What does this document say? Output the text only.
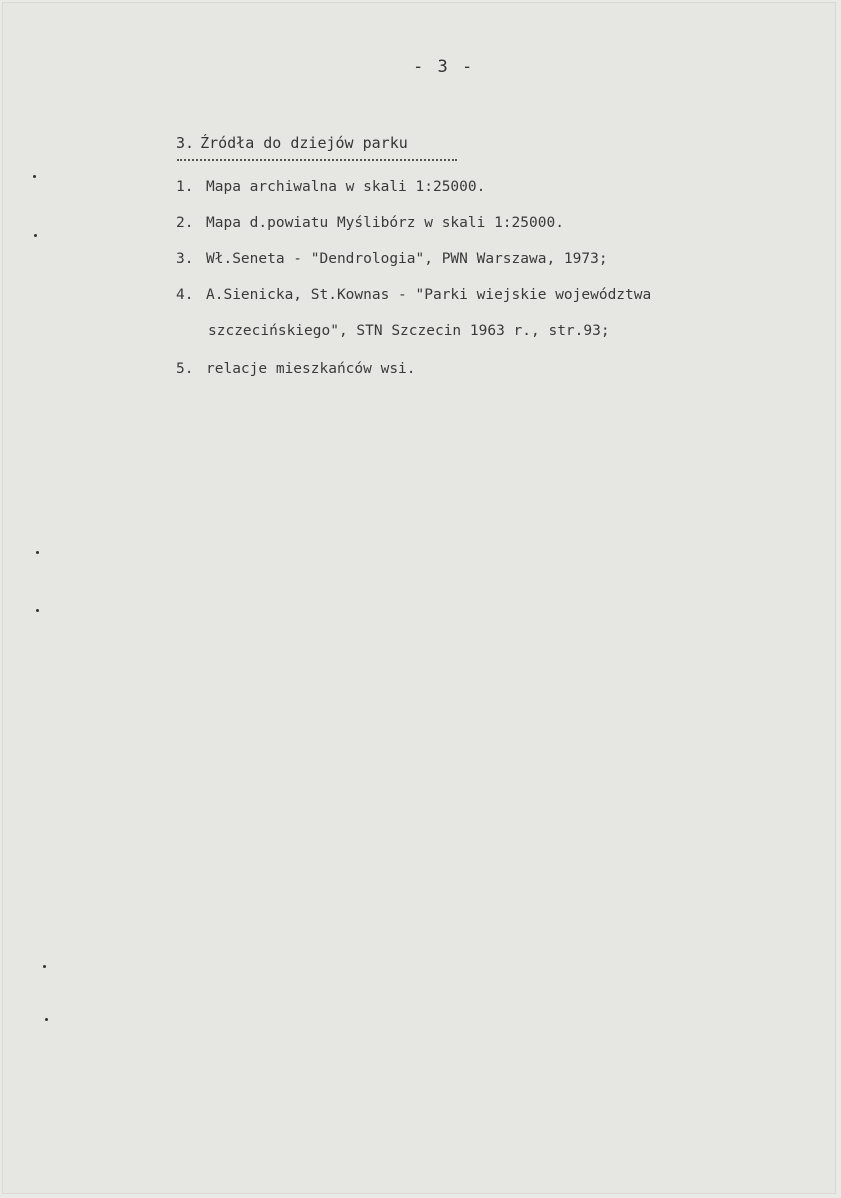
- 3 -
3. Źródła do dziejów parku
1. Mapa archiwalna w skali 1:25000.
2. Mapa d.powiatu Myślibórz w skali 1:25000.
3. Wł.Seneta - "Dendrologia", PWN Warszawa, 1973;
4. A.Sienicka, St.Kownas - "Parki wiejskie województwa
szczecińskiego", STN Szczecin 1963 r., str.93;
5. relacje mieszkańców wsi.
